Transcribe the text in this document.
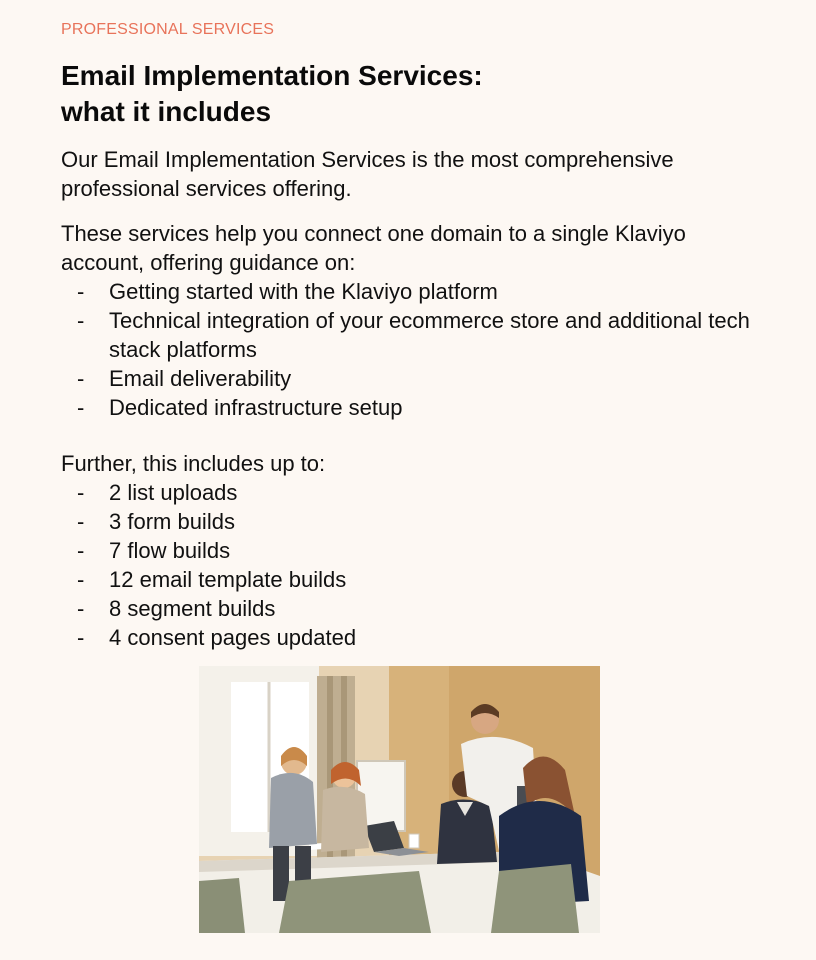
PROFESSIONAL SERVICES
Email Implementation Services:
what it includes

Our Email Implementation Services is the most comprehensive professional services offering.

These services help you connect one domain to a single Klaviyo account, offering guidance on:

- Getting started with the Klaviyo platform
- Technical integration of your ecommerce store and additional tech stack platforms
- Email deliverability
- Dedicated infrastructure setup

Further, this includes up to:

- 2 list uploads
- 3 form builds
- 7 flow builds
- 12 email template builds
- 8 segment builds
- 4 consent pages updated
